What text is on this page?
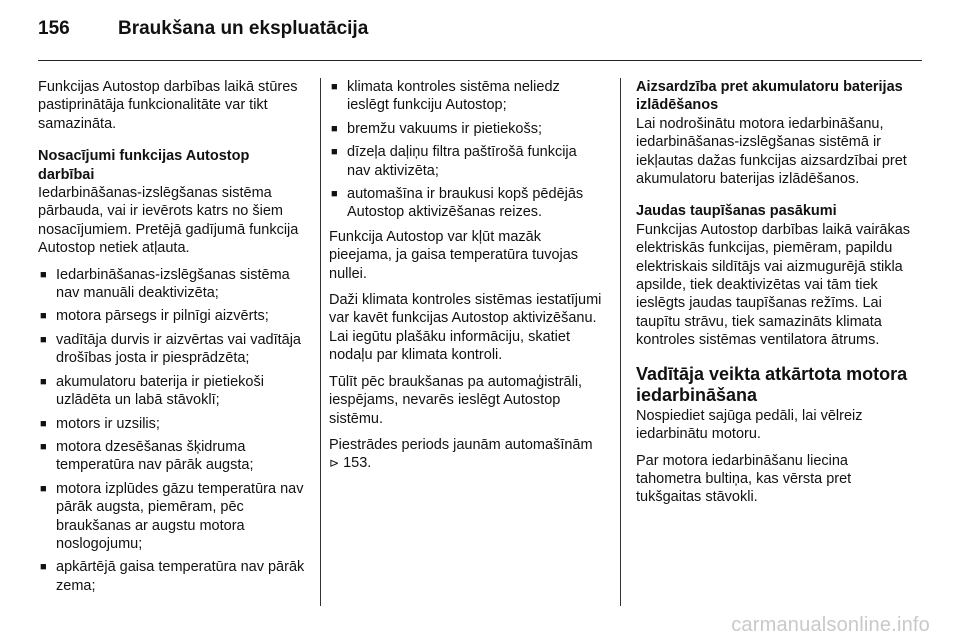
156	Braukšana un ekspluatācija

Funkcijas Autostop darbības laikā stūres pastiprinātāja funkcionalitāte var tikt samazināta.

Nosacījumi funkcijas Autostop darbībai

Iedarbināšanas-izslēgšanas sistēma pārbauda, vai ir ievērots katrs no šiem nosacījumiem. Pretējā gadījumā funkcija Autostop netiek atļauta.

■ Iedarbināšanas-izslēgšanas sistēma nav manuāli deaktivizēta;
■ motora pārsegs ir pilnīgi aizvērts;
■ vadītāja durvis ir aizvērtas vai vadītāja drošības josta ir piesprādzēta;
■ akumulatoru baterija ir pietiekoši uzlādēta un labā stāvoklī;
■ motors ir uzsilis;
■ motora dzesēšanas šķidruma temperatūra nav pārāk augsta;
■ motora izplūdes gāzu temperatūra nav pārāk augsta, piemēram, pēc braukšanas ar augstu motora noslogojumu;
■ apkārtējā gaisa temperatūra nav pārāk zema;
■ klimata kontroles sistēma neliedz ieslēgt funkciju Autostop;
■ bremžu vakuums ir pietiekošs;
■ dīzeļa daļiņu filtra paštīrošā funkcija nav aktivizēta;
■ automašīna ir braukusi kopš pēdējās Autostop aktivizēšanas reizes.

Funkcija Autostop var kļūt mazāk pieejama, ja gaisa temperatūra tuvojas nullei.

Daži klimata kontroles sistēmas iestatījumi var kavēt funkcijas Autostop aktivizēšanu. Lai iegūtu plašāku informāciju, skatiet nodaļu par klimata kontroli.

Tūlīt pēc braukšanas pa automaģistrāli, iespējams, nevarēs ieslēgt Autostop sistēmu.

Piestrādes periods jaunām automašīnām ⊳ 153.

Aizsardzība pret akumulatoru baterijas izlādēšanos

Lai nodrošinātu motora iedarbināšanu, iedarbināšanas-izslēgšanas sistēmā ir iekļautas dažas funkcijas aizsardzībai pret akumulatoru baterijas izlādēšanos.

Jaudas taupīšanas pasākumi

Funkcijas Autostop darbības laikā vairākas elektriskās funkcijas, piemēram, papildu elektriskais sildītājs vai aizmugurējā stikla apsilde, tiek deaktivizētas vai tām tiek ieslēgts jaudas taupīšanas režīms. Lai taupītu strāvu, tiek samazināts klimata kontroles sistēmas ventilatora ātrums.

Vadītāja veikta atkārtota motora iedarbināšana

Nospiediet sajūga pedāli, lai vēlreiz iedarbinātu motoru.

Par motora iedarbināšanu liecina tahometra bultiņa, kas vērsta pret tukšgaitas stāvokli.

carmanualsonline.info
